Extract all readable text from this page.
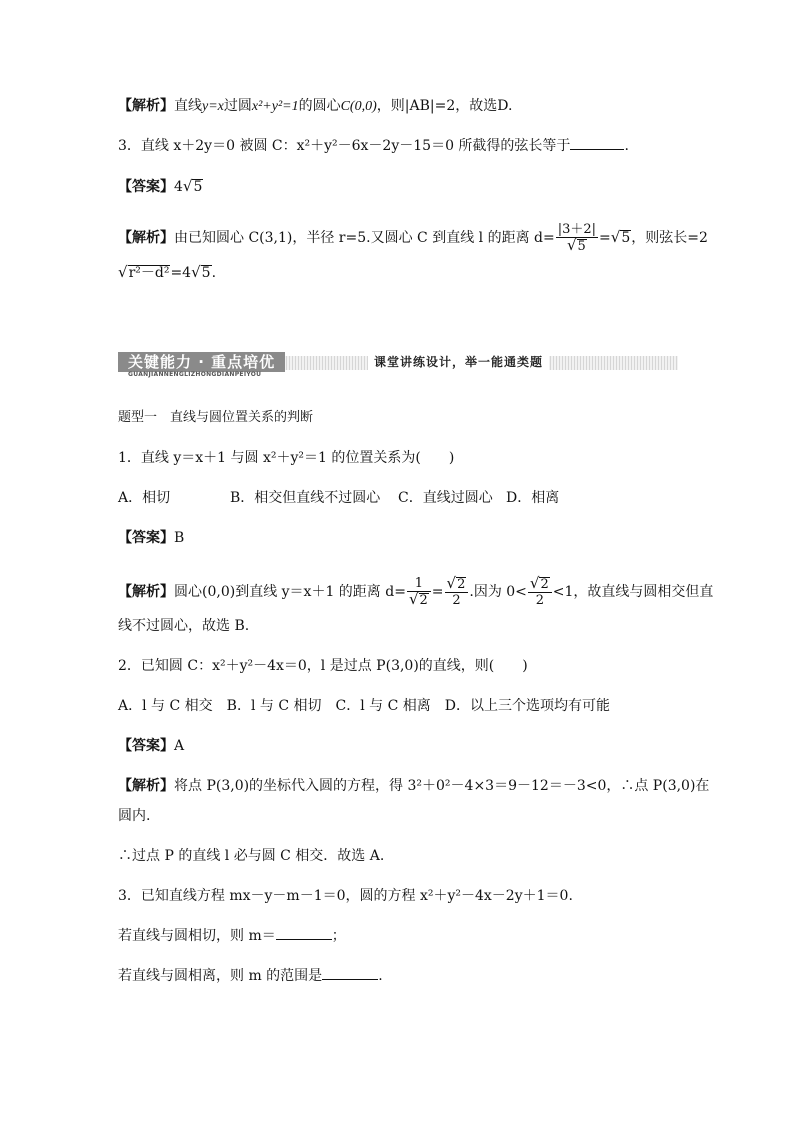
【解析】直线y=x过圆x²+y²=1的圆心C(0,0)，则|AB|=2，故选D.
3．直线 x＋2y＝0 被圆 C：x²＋y²－6x－2y－15＝0 所截得的弦长等于	.
【答案】4√5
【解析】由已知圆心 C(3,1)，半径 r=5.又圆心 C 到直线 l 的距离 $d= \frac{|3+2|}{√5} =√5$，则弦长=2
√r²－d²=4√5.
关键能力 · 重点培优
GUANJIANNENGLIZHONGDIANPEIYOU
课堂讲练设计，举一能通类题
题型一　直线与圆位置关系的判断
1．直线 y＝x＋1 与圆 x²＋y²＝1 的位置关系为(　　)
A．相切	B．相交但直线不过圆心 C．直线过圆心 D．相离
【答案】B
【解析】圆心(0,0)到直线 y＝x＋1 的距离 $d= \frac{1}{√2} = \frac{√2}{2}$ .因为 $0< \frac{√2}{2} <1$，故直线与圆相交但直
线不过圆心，故选 B.
2．已知圆 C：x²＋y²－4x＝0，l 是过点 P(3,0)的直线，则(　　)
A．l 与 C 相交　B．l 与 C 相切　C．l 与 C 相离　D．以上三个选项均有可能
【答案】A
【解析】将点 P(3,0)的坐标代入圆的方程，得 3²＋0²－4×3＝9－12＝－3<0，∴点 P(3,0)在
圆内.
∴过点 P 的直线 l 必与圆 C 相交．故选 A.
3．已知直线方程 mx－y－m－1＝0，圆的方程 x²＋y²－4x－2y＋1＝0.
若直线与圆相切，则 m＝	；
若直线与圆相离，则 m 的范围是	.
